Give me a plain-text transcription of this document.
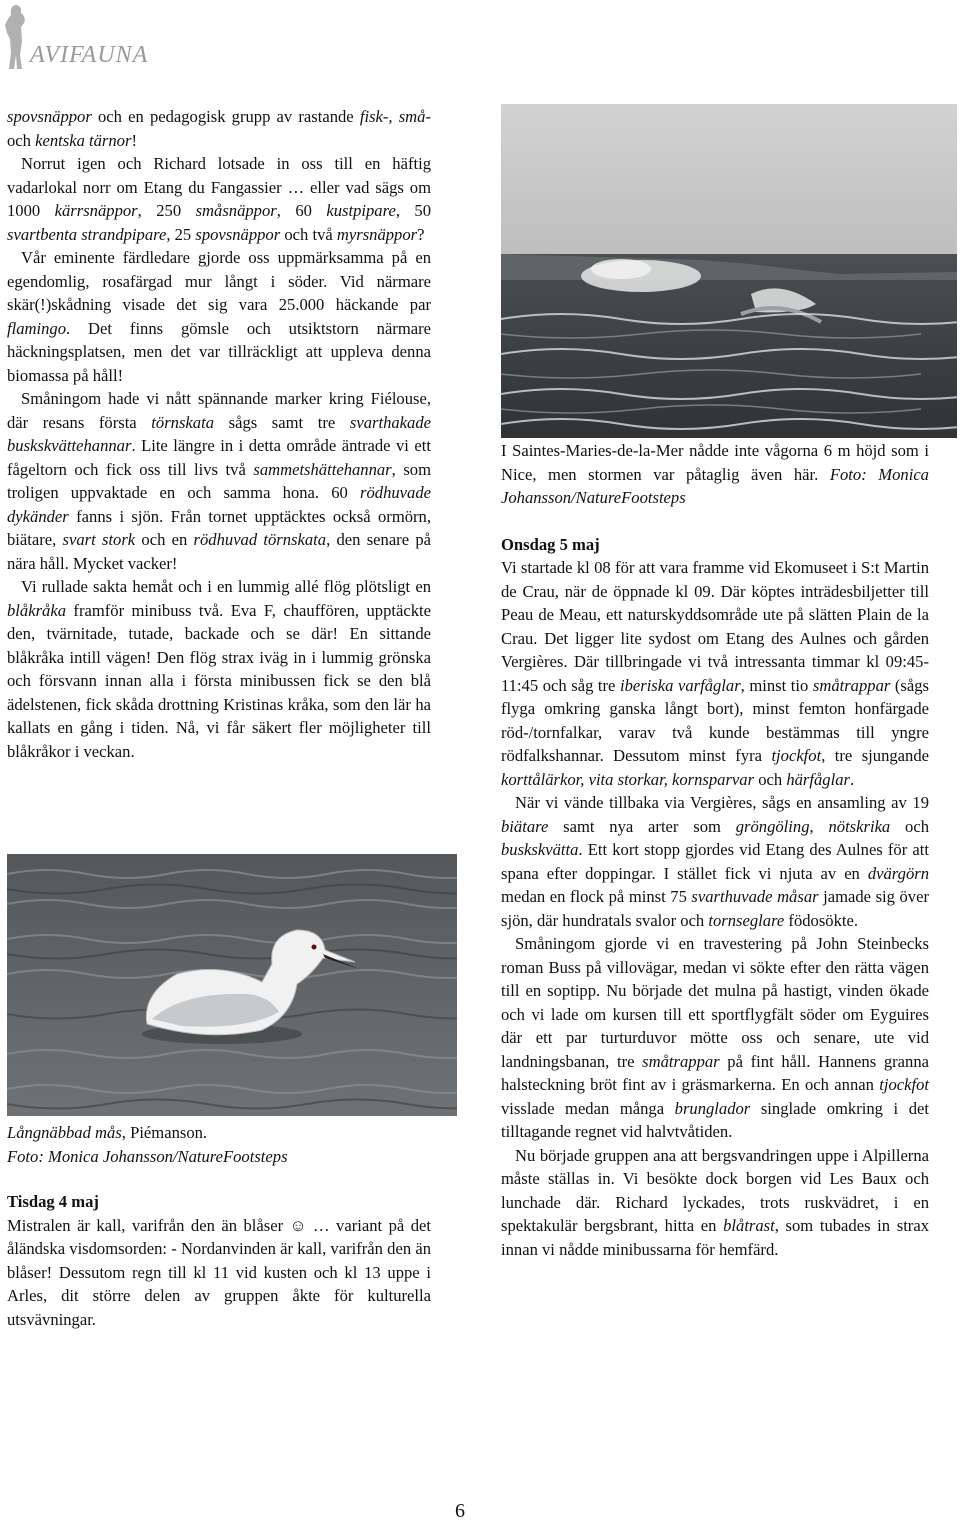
AVIFAUNA

spovsnäppor och en pedagogisk grupp av rastande fisk-, små- och kentska tärnor!

Norrut igen och Richard lotsade in oss till en häftig vadarlokal norr om Etang du Fangassier … eller vad sägs om 1000 kärrsnäppor, 250 småsnäppor, 60 kustpipare, 50 svartbenta strandpipare, 25 spovsnäppor och två myrsnäppor?

Vår eminente färdledare gjorde oss uppmärksamma på en egendomlig, rosafärgad mur långt i söder. Vid närmare skär(!)skådning visade det sig vara 25.000 häckande par flamingo. Det finns gömsle och utsiktstorn närmare häckningsplatsen, men det var tillräckligt att uppleva denna biomassa på håll!

Småningom hade vi nått spännande marker kring Fiélouse, där resans första törnskata sågs samt tre svarthakade buskskvättehannar. Lite längre in i detta område äntrade vi ett fågeltorn och fick oss till livs två sammetshättehannar, som troligen uppvaktade en och samma hona. 60 rödhuvade dykänder fanns i sjön. Från tornet upptäcktes också ormörn, biätare, svart stork och en rödhuvad törnskata, den senare på nära håll. Mycket vacker!

Vi rullade sakta hemåt och i en lummig allé flög plötsligt en blåkråka framför minibuss två. Eva F, chauffören, upptäckte den, tvärnitade, tutade, backade och se där! En sittande blåkråka intill vägen! Den flög strax iväg in i lummig grönska och försvann innan alla i första minibussen fick se den blå ädelstenen, fick skåda drottning Kristinas kråka, som den lär ha kallats en gång i tiden. Nå, vi får säkert fler möjligheter till blåkråkor i veckan.

Långnäbbad mås, Piémanson.
Foto: Monica Johansson/NatureFootsteps
Tisdag 4 maj

Mistralen är kall, varifrån den än blåser ☺ … variant på det åländska visdomsorden: - Nordanvinden är kall, varifrån den än blåser! Dessutom regn till kl 11 vid kusten och kl 13 uppe i Arles, dit större delen av gruppen åkte för kulturella utsvävningar.

I Saintes-Maries-de-la-Mer nådde inte vågorna 6 m höjd som i Nice, men stormen var påtaglig även här. Foto: Monica Johansson/NatureFootsteps

Onsdag 5 maj

Vi startade kl 08 för att vara framme vid Ekomuseet i S:t Martin de Crau, när de öppnade kl 09. Där köptes inträdesbiljetter till Peau de Meau, ett naturskyddsområde ute på slätten Plain de la Crau. Det ligger lite sydost om Etang des Aulnes och gården Vergières. Där tillbringade vi två intressanta timmar kl 09:45-11:45 och såg tre iberiska varfåglar, minst tio småtrappar (sågs flyga omkring ganska långt bort), minst femton honfärgade röd-/tornfalkar, varav två kunde bestämmas till yngre rödfalkshannar. Dessutom minst fyra tjockfot, tre sjungande korttålärkor, vita storkar, kornsparvar och härfåglar.

När vi vände tillbaka via Vergières, sågs en ansamling av 19 biätare samt nya arter som gröngöling, nötskrika och buskskvätta. Ett kort stopp gjordes vid Etang des Aulnes för att spana efter doppingar. I stället fick vi njuta av en dvärgörn medan en flock på minst 75 svarthuvade måsar jamade sig över sjön, där hundratals svalor och tornseglare födosökte.

Småningom gjorde vi en travestering på John Steinbecks roman Buss på villovägar, medan vi sökte efter den rätta vägen till en soptipp. Nu började det mulna på hastigt, vinden ökade och vi lade om kursen till ett sportflygfält söder om Eyguires där ett par turturduvor mötte oss och senare, ute vid landningsbanan, tre småtrappar på fint håll. Hannens granna halsteckning bröt fint av i gräsmarkerna. En och annan tjockfot visslade medan många brunglador singlade omkring i det tilltagande regnet vid halvtvåtiden.

Nu började gruppen ana att bergsvandringen uppe i Alpillerna måste ställas in. Vi besökte dock borgen vid Les Baux och lunchade där. Richard lyckades, trots ruskvädret, i en spektakulär bergsbrant, hitta en blåtrast, som tubades in strax innan vi nådde minibussarna för hemfärd.

6
